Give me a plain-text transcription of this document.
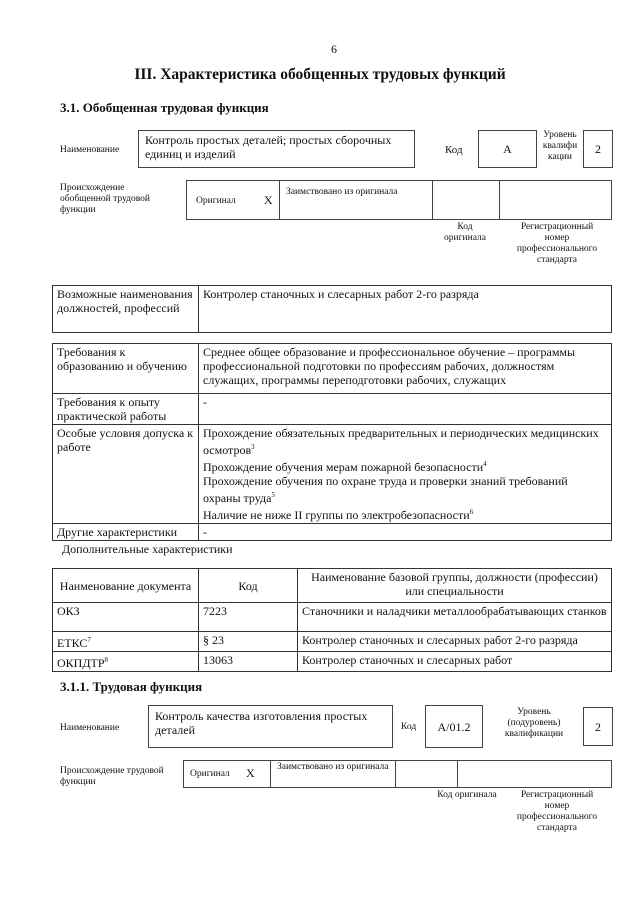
6
III. Характеристика обобщенных трудовых функций
3.1. Обобщенная трудовая функция
Наименование
Контроль простых деталей; простых сборочных единиц и изделий	Код	A
Уровень квалифи кации
2
Происхождение обобщенной трудовой функции
Оригинал X
Заимствовано из оригинала
Код оригинала
Регистрационный номер профессионального стандарта
Возможные наименования должностей, профессий	Контролер станочных и слесарных работ 2-го разряда
Требования к образованию и обучению	Среднее общее образование и профессиональное обучение – программы профессиональной подготовки по профессиям рабочих, должностям служащих, программы переподготовки рабочих, служащих
Требования к опыту практической работы	-
Особые условия допуска к работе	Прохождение обязательных предварительных и периодических медицинских осмотров$^3$
Прохождение обучения мерам пожарной безопасности$^4$
Прохождение обучения по охране труда и проверки знаний требований охраны труда$^5$
Наличие не ниже II группы по электробезопасности$^6$

Другие характеристики	-
Дополнительные характеристики
Наименование документа	Код	Наименование базовой группы, должности (профессии) или специальности
ОКЗ	7223	Станочники и наладчики металлообрабатывающих станков
ЕТКС$^7$	§ 23	Контролер станочных и слесарных работ 2-го разряда
ОКПДТР$^8$	13063	Контролер станочных и слесарных работ
3.1.1. Трудовая функция
Наименование
Контроль качества изготовления простых деталей	Код	A/01.2
Уровень (подуровень) квалификации
2
Происхождение трудовой функции
Оригинал X Заимствовано из оригинала
Код оригинала	Регистрационный номер профессионального стандарта
